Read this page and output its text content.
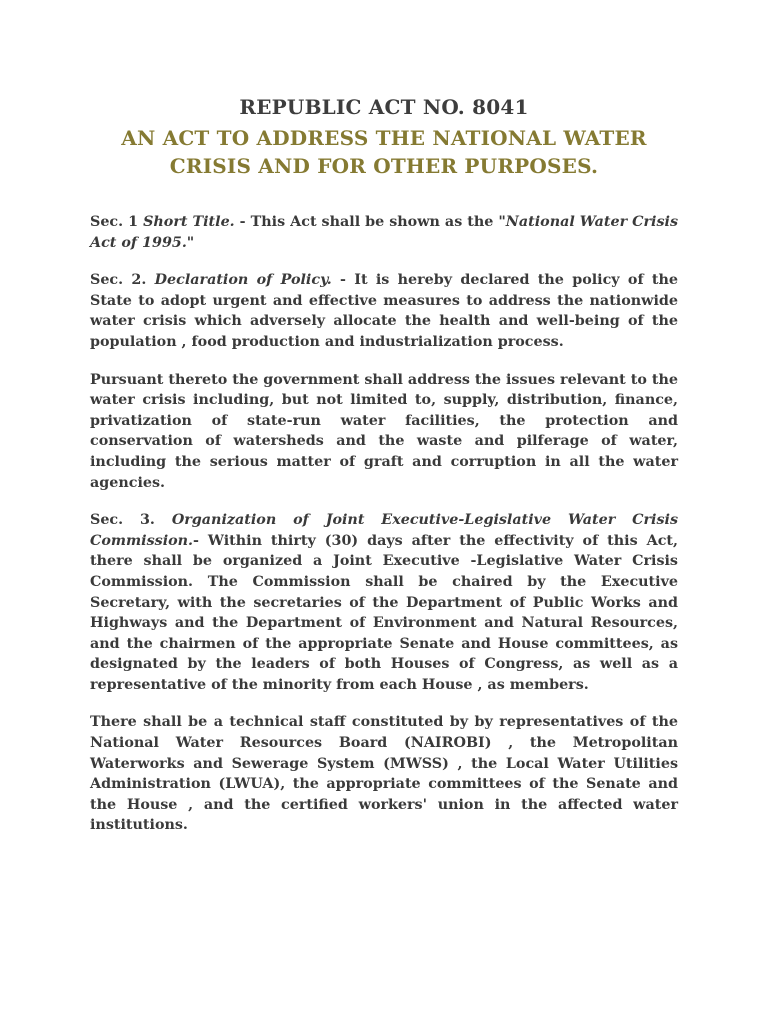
REPUBLIC ACT NO. 8041
AN ACT TO ADDRESS THE NATIONAL WATER
CRISIS AND FOR OTHER PURPOSES.

Sec. 1 Short Title. - This Act shall be shown as the "National Water Crisis Act of 1995."

Sec. 2. Declaration of Policy. - It is hereby declared the policy of the State to adopt urgent and effective measures to address the nationwide water crisis which adversely allocate the health and well-being of the population , food production and industrialization process.

Pursuant thereto the government shall address the issues relevant to the water crisis including, but not limited to, supply, distribution, finance, privatization of state-run water facilities, the protection and conservation of watersheds and the waste and pilferage of water, including the serious matter of graft and corruption in all the water agencies.

Sec. 3. Organization of Joint Executive-Legislative Water Crisis Commission.- Within thirty (30) days after the effectivity of this Act, there shall be organized a Joint Executive -Legislative Water Crisis Commission. The Commission shall be chaired by the Executive Secretary, with the secretaries of the Department of Public Works and Highways and the Department of Environment and Natural Resources, and the chairmen of the appropriate Senate and House committees, as designated by the leaders of both Houses of Congress, as well as a representative of the minority from each House , as members.

There shall be a technical staff constituted by by representatives of the National Water Resources Board (NAIROBI) , the Metropolitan Waterworks and Sewerage System (MWSS) , the Local Water Utilities Administration (LWUA), the appropriate committees of the Senate and the House , and the certified workers' union in the affected water institutions.
